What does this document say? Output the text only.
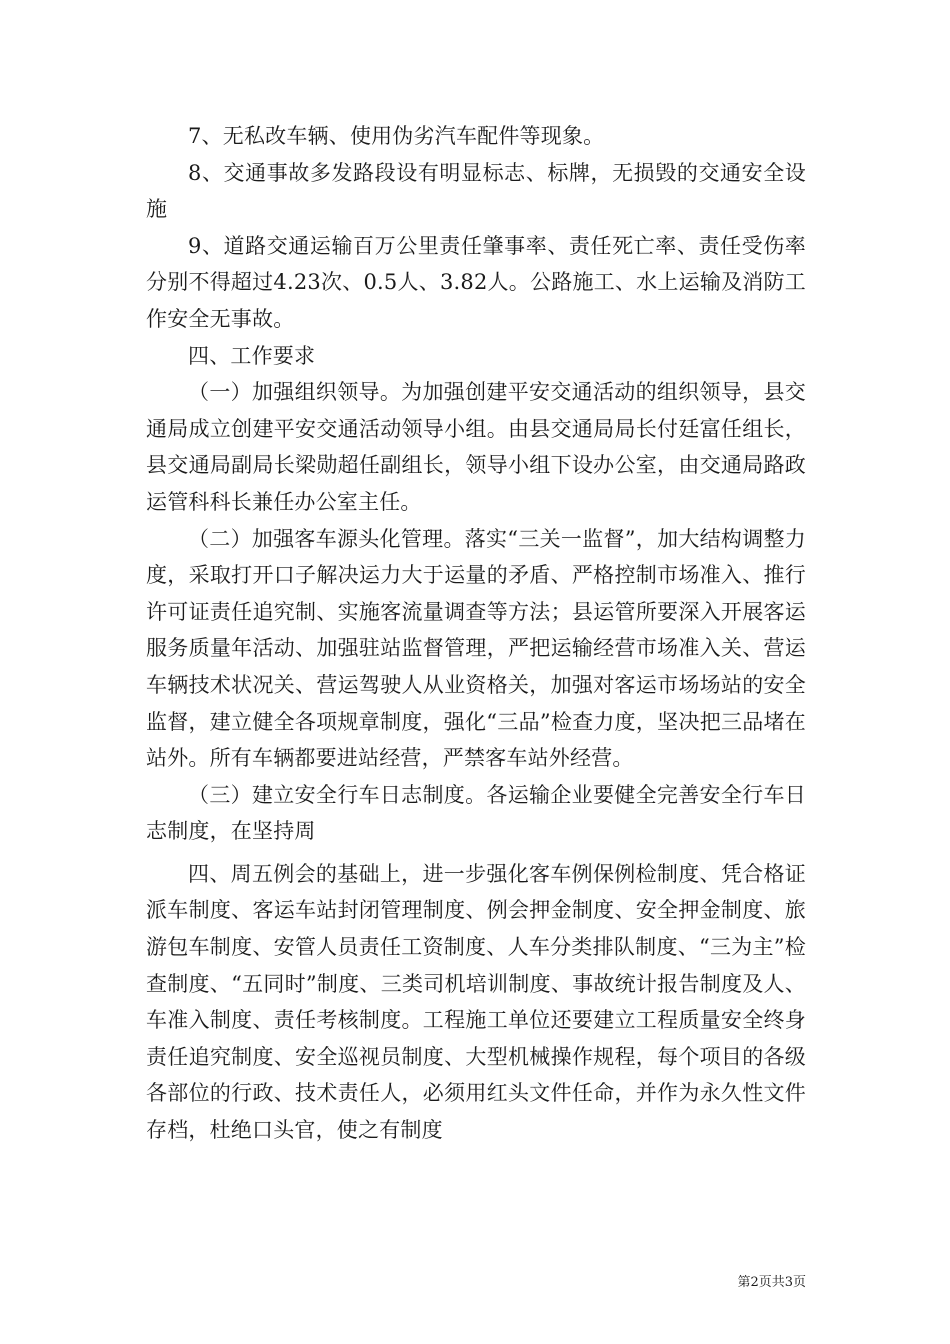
7、无私改车辆、使用伪劣汽车配件等现象。

8、交通事故多发路段设有明显标志、标牌，无损毁的交通安全设施

9、道路交通运输百万公里责任肇事率、责任死亡率、责任受伤率分别不得超过4.23次、0.5人、3.82人。公路施工、水上运输及消防工作安全无事故。

四、工作要求

（一）加强组织领导。为加强创建平安交通活动的组织领导，县交通局成立创建平安交通活动领导小组。由县交通局局长付廷富任组长，县交通局副局长梁勋超任副组长，领导小组下设办公室，由交通局路政运管科科长兼任办公室主任。

（二）加强客车源头化管理。落实“三关一监督”，加大结构调整力度，采取打开口子解决运力大于运量的矛盾、严格控制市场准入、推行许可证责任追究制、实施客流量调查等方法；县运管所要深入开展客运服务质量年活动、加强驻站监督管理，严把运输经营市场准入关、营运车辆技术状况关、营运驾驶人从业资格关，加强对客运市场场站的安全监督，建立健全各项规章制度，强化“三品”检查力度，坚决把三品堵在站外。所有车辆都要进站经营，严禁客车站外经营。

（三）建立安全行车日志制度。各运输企业要健全完善安全行车日志制度，在坚持周

四、周五例会的基础上，进一步强化客车例保例检制度、凭合格证派车制度、客运车站封闭管理制度、例会押金制度、安全押金制度、旅游包车制度、安管人员责任工资制度、人车分类排队制度、“三为主”检查制度、“五同时”制度、三类司机培训制度、事故统计报告制度及人、车准入制度、责任考核制度。工程施工单位还要建立工程质量安全终身责任追究制度、安全巡视员制度、大型机械操作规程，每个项目的各级各部位的行政、技术责任人，必须用红头文件任命，并作为永久性文件存档，杜绝口头官，使之有制度

第2页共3页
